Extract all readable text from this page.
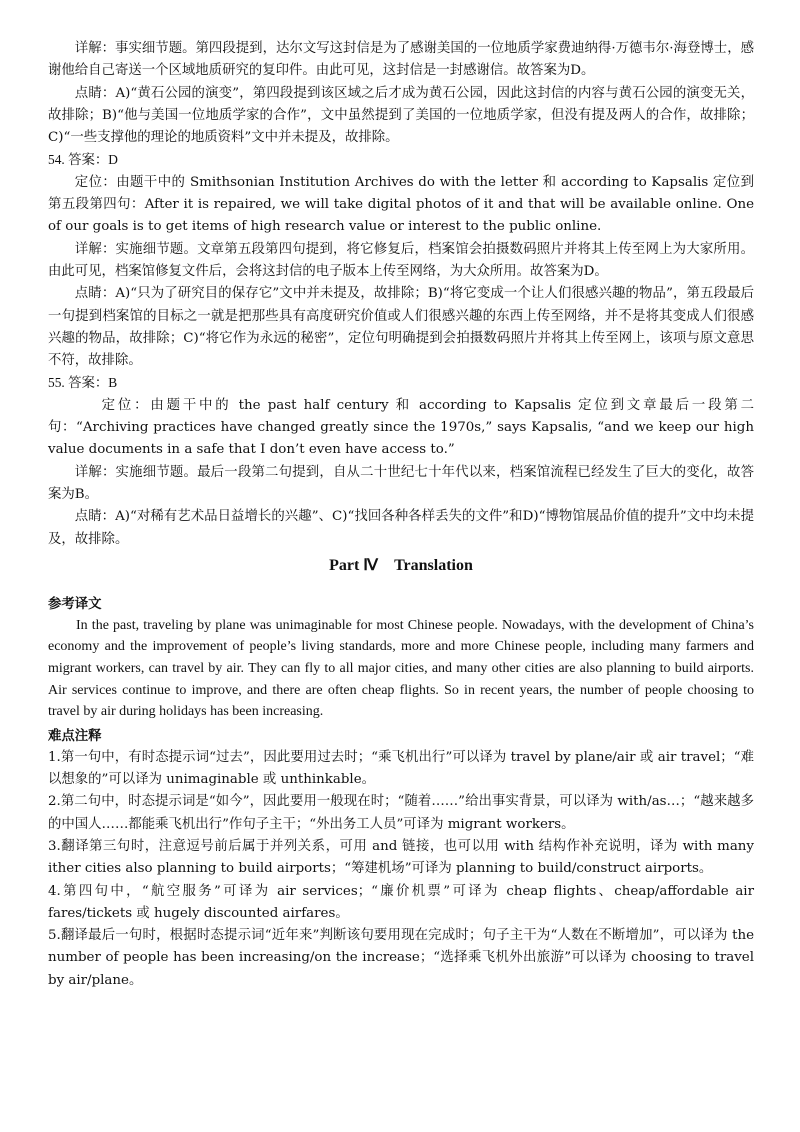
详解：事实细节题。第四段提到，达尔文写这封信是为了感谢美国的一位地质学家费迪纳得·万德韦尔·海登博士，感谢他给自己寄送一个区域地质研究的复印件。由此可见，这封信是一封感谢信。故答案为D。

点睛：A)“黄石公园的演变”，第四段提到该区域之后才成为黄石公园，因此这封信的内容与黄石公园的演变无关，故排除；B)“他与美国一位地质学家的合作”，文中虽然提到了美国的一位地质学家，但没有提及两人的合作，故排除；C)“一些支撑他的理论的地质资料”文中并未提及，故排除。

54. 答案：D

定位：由题干中的 Smithsonian Institution Archives do with the letter 和 according to Kapsalis 定位到第五段第四句：After it is repaired, we will take digital photos of it and that will be available online. One of our goals is to get items of high research value or interest to the public online.

详解：实施细节题。文章第五段第四句提到，将它修复后，档案馆会拍摄数码照片并将其上传至网上为大家所用。由此可见，档案馆修复文件后，会将这封信的电子版本上传至网络，为大众所用。故答案为D。

点睛：A)“只为了研究目的保存它”文中并未提及，故排除；B)“将它变成一个让人们很感兴趣的物品”，第五段最后一句提到档案馆的目标之一就是把那些具有高度研究价值或人们很感兴趣的东西上传至网络，并不是将其变成人们很感兴趣的物品，故排除；C)“将它作为永远的秘密”，定位句明确提到会拍摄数码照片并将其上传至网上，该项与原文意思不符，故排除。

55. 答案：B

定位：由题干中的 the past half century 和 according to Kapsalis 定位到文章最后一段第二句：“Archiving practices have changed greatly since the 1970s,” says Kapsalis, “and we keep our high value documents in a safe that I don’t even have access to.”

详解：实施细节题。最后一段第二句提到，自从二十世纪七十年代以来，档案馆流程已经发生了巨大的变化，故答案为B。

点睛：A)“对稀有艺术品日益增长的兴趣”、C)“找回各种各样丢失的文件”和D)“博物馆展品价值的提升”文中均未提及，故排除。

Part Ⅳ Translation
参考译文

In the past, traveling by plane was unimaginable for most Chinese people. Nowadays, with the development of China’s economy and the improvement of people’s living standards, more and more Chinese people, including many farmers and migrant workers, can travel by air. They can fly to all major cities, and many other cities are also planning to build airports. Air services continue to improve, and there are often cheap flights. So in recent years, the number of people choosing to travel by air during holidays has been increasing.

难点注释

1.第一句中，有时态提示词“过去”，因此要用过去时；“乘飞机出行”可以译为 travel by plane/air 或 air travel；“难以想象的”可以译为 unimaginable 或 unthinkable。

2.第二句中，时态提示词是“如今”，因此要用一般现在时；“随着……”给出事实背景，可以译为 with/as…；“越来越多的中国人……都能乘飞机出行”作句子主干；“外出务工人员”可译为 migrant workers。

3.翻译第三句时，注意逗号前后属于并列关系，可用 and 链接，也可以用 with 结构作补充说明，译为 with many ither cities also planning to build airports；“筹建机场”可译为 planning to build/construct airports。

4.第四句中，“航空服务”可译为 air services；“廉价机票”可译为 cheap flights、cheap/affordable air fares/tickets 或 hugely discounted airfares。

5.翻译最后一句时，根据时态提示词“近年来”判断该句要用现在完成时；句子主干为“人数在不断增加”，可以译为 the number of people has been increasing/on the increase；“选择乘飞机外出旅游”可以译为 choosing to travel by air/plane。
